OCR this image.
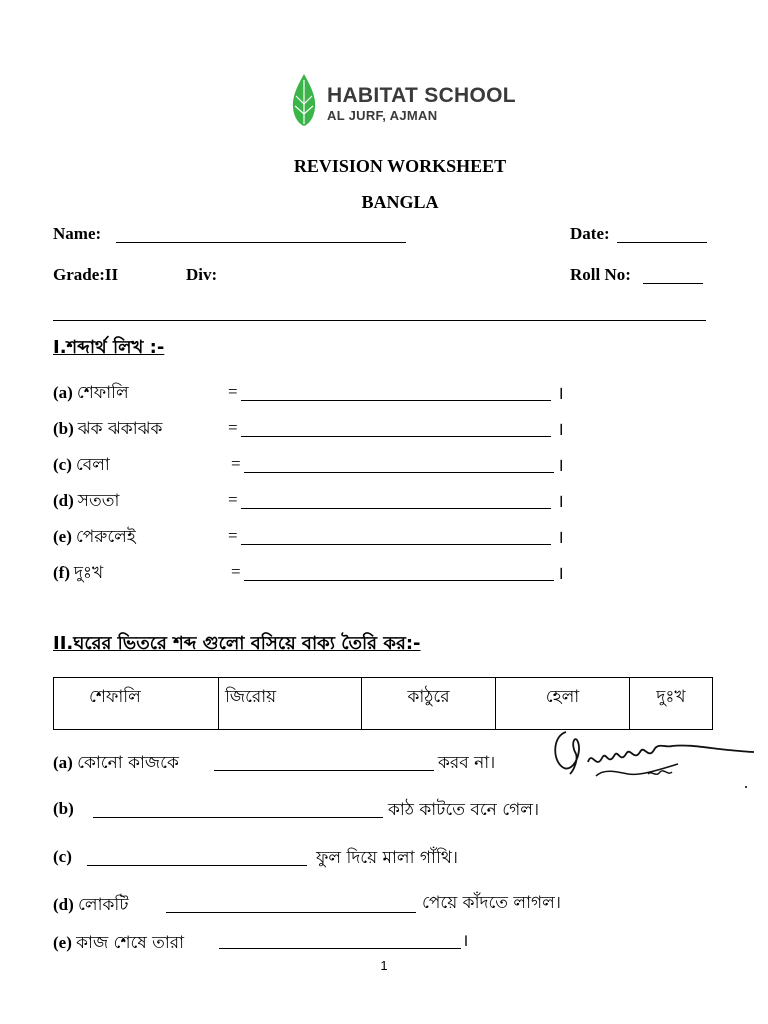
HABITAT SCHOOL
AL JURF, AJMAN
REVISION WORKSHEET
BANGLA
Name:	Date:
Grade:II	Div:	Roll No:
I.শব্দার্থ লিখ :-
(a) শেফালি	=	।
(b) ঝক ঝকাঝক	=	।
(c) বেলা	=	।
(d) সততা	=	।
(e) পেরুলেই	=	।
(f) দুঃখ	=	।
II.ঘরের ভিতরে শব্দ গুলো বসিয়ে বাক্য তৈরি কর:-
শেফালি	জিরোয়	কাঠুরে	হেলা	দুঃখ
(a) কোনো কাজকে	করব না।
(b)	কাঠ কাটতে বনে গেল।
(c)	ফুল দিয়ে মালা গাঁথি।
(d) লোকটি	পেয়ে কাঁদতে লাগল।
(e) কাজ শেষে তারা	।
1
